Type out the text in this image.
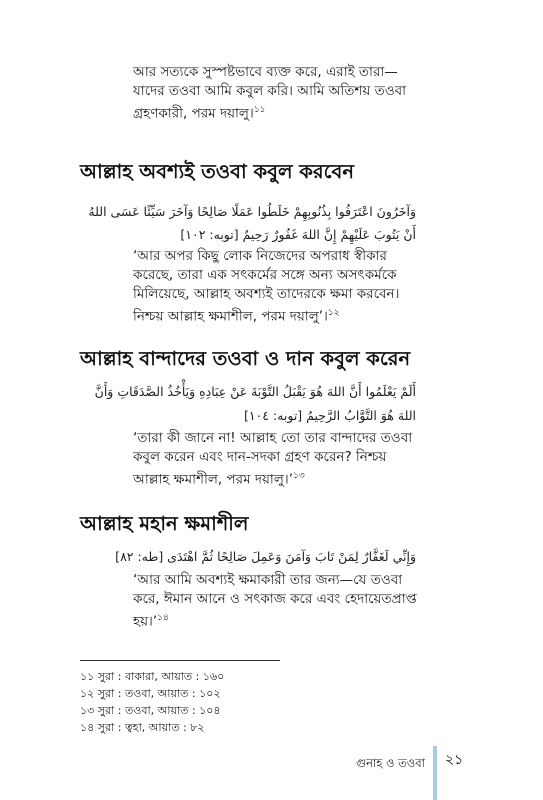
আর সত্যকে সুস্পষ্টভাবে ব্যক্ত করে, এরাই তারা—
যাদের তওবা আমি কবুল করি। আমি অতিশয় তওবা
গ্রহণকারী, পরম দয়ালু।$^{১১}$
আল্লাহ অবশ্যই তওবা কবুল করবেন
وَآخَرُونَ اعْتَرَفُوا بِذُنُوبِهِمْ خَلَطُوا عَمَلًا صَالِحًا وَآخَرَ سَيِّئًا عَسَى اللهُ
أَنْ يَتُوبَ عَلَيْهِمْ إِنَّ اللهَ غَفُورٌ رَحِيمٌ [توبه: ١٠٢]
‘আর অপর কিছু লোক নিজেদের অপরাধ স্বীকার
করেছে, তারা এক সৎকর্মের সঙ্গে অন্য অসৎকর্মকে
মিলিয়েছে, আল্লাহ অবশ্যই তাদেরকে ক্ষমা করবেন।
নিশ্চয় আল্লাহ ক্ষমাশীল, পরম দয়ালু’।$^{১২}$
আল্লাহ বান্দাদের তওবা ও দান কবুল করেন
أَلَمْ يَعْلَمُوا أَنَّ اللهَ هُوَ يَقْبَلُ التَّوْبَةَ عَنْ عِبَادِهِ وَيَأْخُذُ الصَّدَقَاتِ وَأَنَّ
اللهَ هُوَ التَّوَّابُ الرَّحِيمُ [توبه: ١٠٤]
‘তারা কী জানে না! আল্লাহ তো তার বান্দাদের তওবা
কবুল করেন এবং দান-সদকা গ্রহণ করেন? নিশ্চয়
আল্লাহ ক্ষমাশীল, পরম দয়ালু।’$^{১৩}$
আল্লাহ মহান ক্ষমাশীল
وَإِنِّي لَغَفَّارٌ لِمَنْ تَابَ وَآمَنَ وَعَمِلَ صَالِحًا ثُمَّ اهْتَدَى [طه: ٨٢]
‘আর আমি অবশ্যই ক্ষমাকারী তার জন্য—যে তওবা
করে, ঈমান আনে ও সৎকাজ করে এবং হেদায়েতপ্রাপ্ত
হয়।’$^{১৪}$
১১ সুরা : বাকারা, আয়াত : ১৬০
১২ সুরা : তওবা, আয়াত : ১০২
১৩ সুরা : তওবা, আয়াত : ১০৪
১৪ সুরা : ত্বহা, আয়াত : ৮২
গুনাহ ও তওবা ২১
